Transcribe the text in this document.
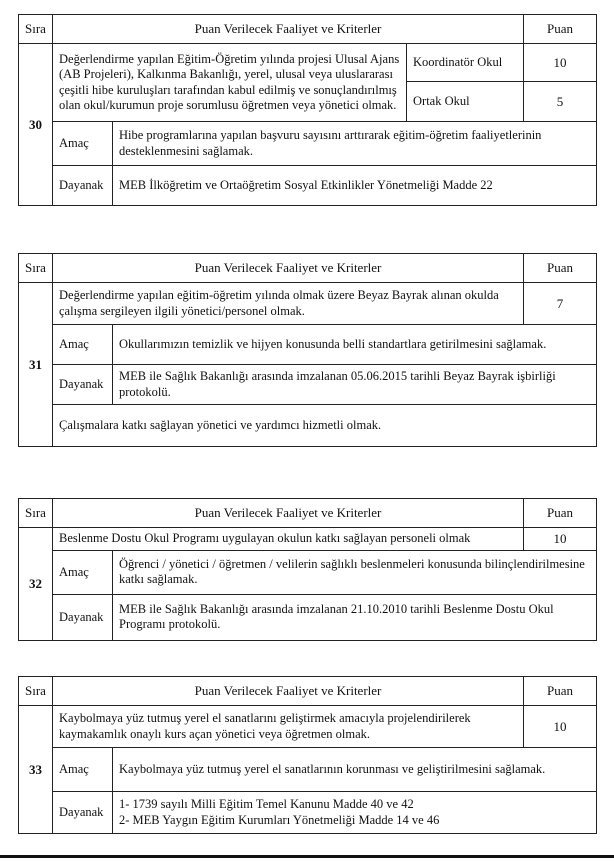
Sıra	Puan Verilecek Faaliyet ve Kriterler			Puan
30	Değerlendirme yapılan Eğitim-Öğretim yılında projesi Ulusal Ajans (AB Projeleri), Kalkınma Bakanlığı, yerel, ulusal veya uluslararası çeşitli hibe kuruluşları tarafından kabul edilmiş ve sonuçlandırılmış olan okul/kurumun proje sorumlusu öğretmen veya yönetici olmak.		Koordinatör Okul	10
			Ortak Okul	5
	Amaç	Hibe programlarına yapılan başvuru sayısını arttırarak eğitim-öğretim faaliyetlerinin desteklenmesini sağlamak.		
	Dayanak	MEB İlköğretim ve Ortaöğretim Sosyal Etkinlikler Yönetmeliği Madde 22		
Sıra	Puan Verilecek Faaliyet ve Kriterler		Puan
31	Değerlendirme yapılan eğitim-öğretim yılında olmak üzere Beyaz Bayrak alınan okulda çalışma sergileyen ilgili yönetici/personel olmak.		7
	Amaç	Okullarımızın temizlik ve hijyen konusunda belli standartlara getirilmesini sağlamak.	
	Dayanak	MEB ile Sağlık Bakanlığı arasında imzalanan 05.06.2015 tarihli Beyaz Bayrak işbirliği protokolü.	
	Çalışmalara katkı sağlayan yönetici ve yardımcı hizmetli olmak.		
Sıra	Puan Verilecek Faaliyet ve Kriterler		Puan
32	Beslenme Dostu Okul Programı uygulayan okulun katkı sağlayan personeli olmak		10
	Amaç	Öğrenci / yönetici / öğretmen / velilerin sağlıklı beslenmeleri konusunda bilinçlendirilmesine katkı sağlamak.	
	Dayanak	MEB ile Sağlık Bakanlığı arasında imzalanan 21.10.2010 tarihli Beslenme Dostu Okul Programı protokolü.	
Sıra	Puan Verilecek Faaliyet ve Kriterler		Puan
33	Kaybolmaya yüz tutmuş yerel el sanatlarını geliştirmek amacıyla projelendirilerek kaymakamlık onaylı kurs açan yönetici veya öğretmen olmak.		10
	Amaç	Kaybolmaya yüz tutmuş yerel el sanatlarının korunması ve geliştirilmesini sağlamak.	
	Dayanak	1- 1739 sayılı Milli Eğitim Temel Kanunu Madde 40 ve 42
2- MEB Yaygın Eğitim Kurumları Yönetmeliği Madde 14 ve 46	
